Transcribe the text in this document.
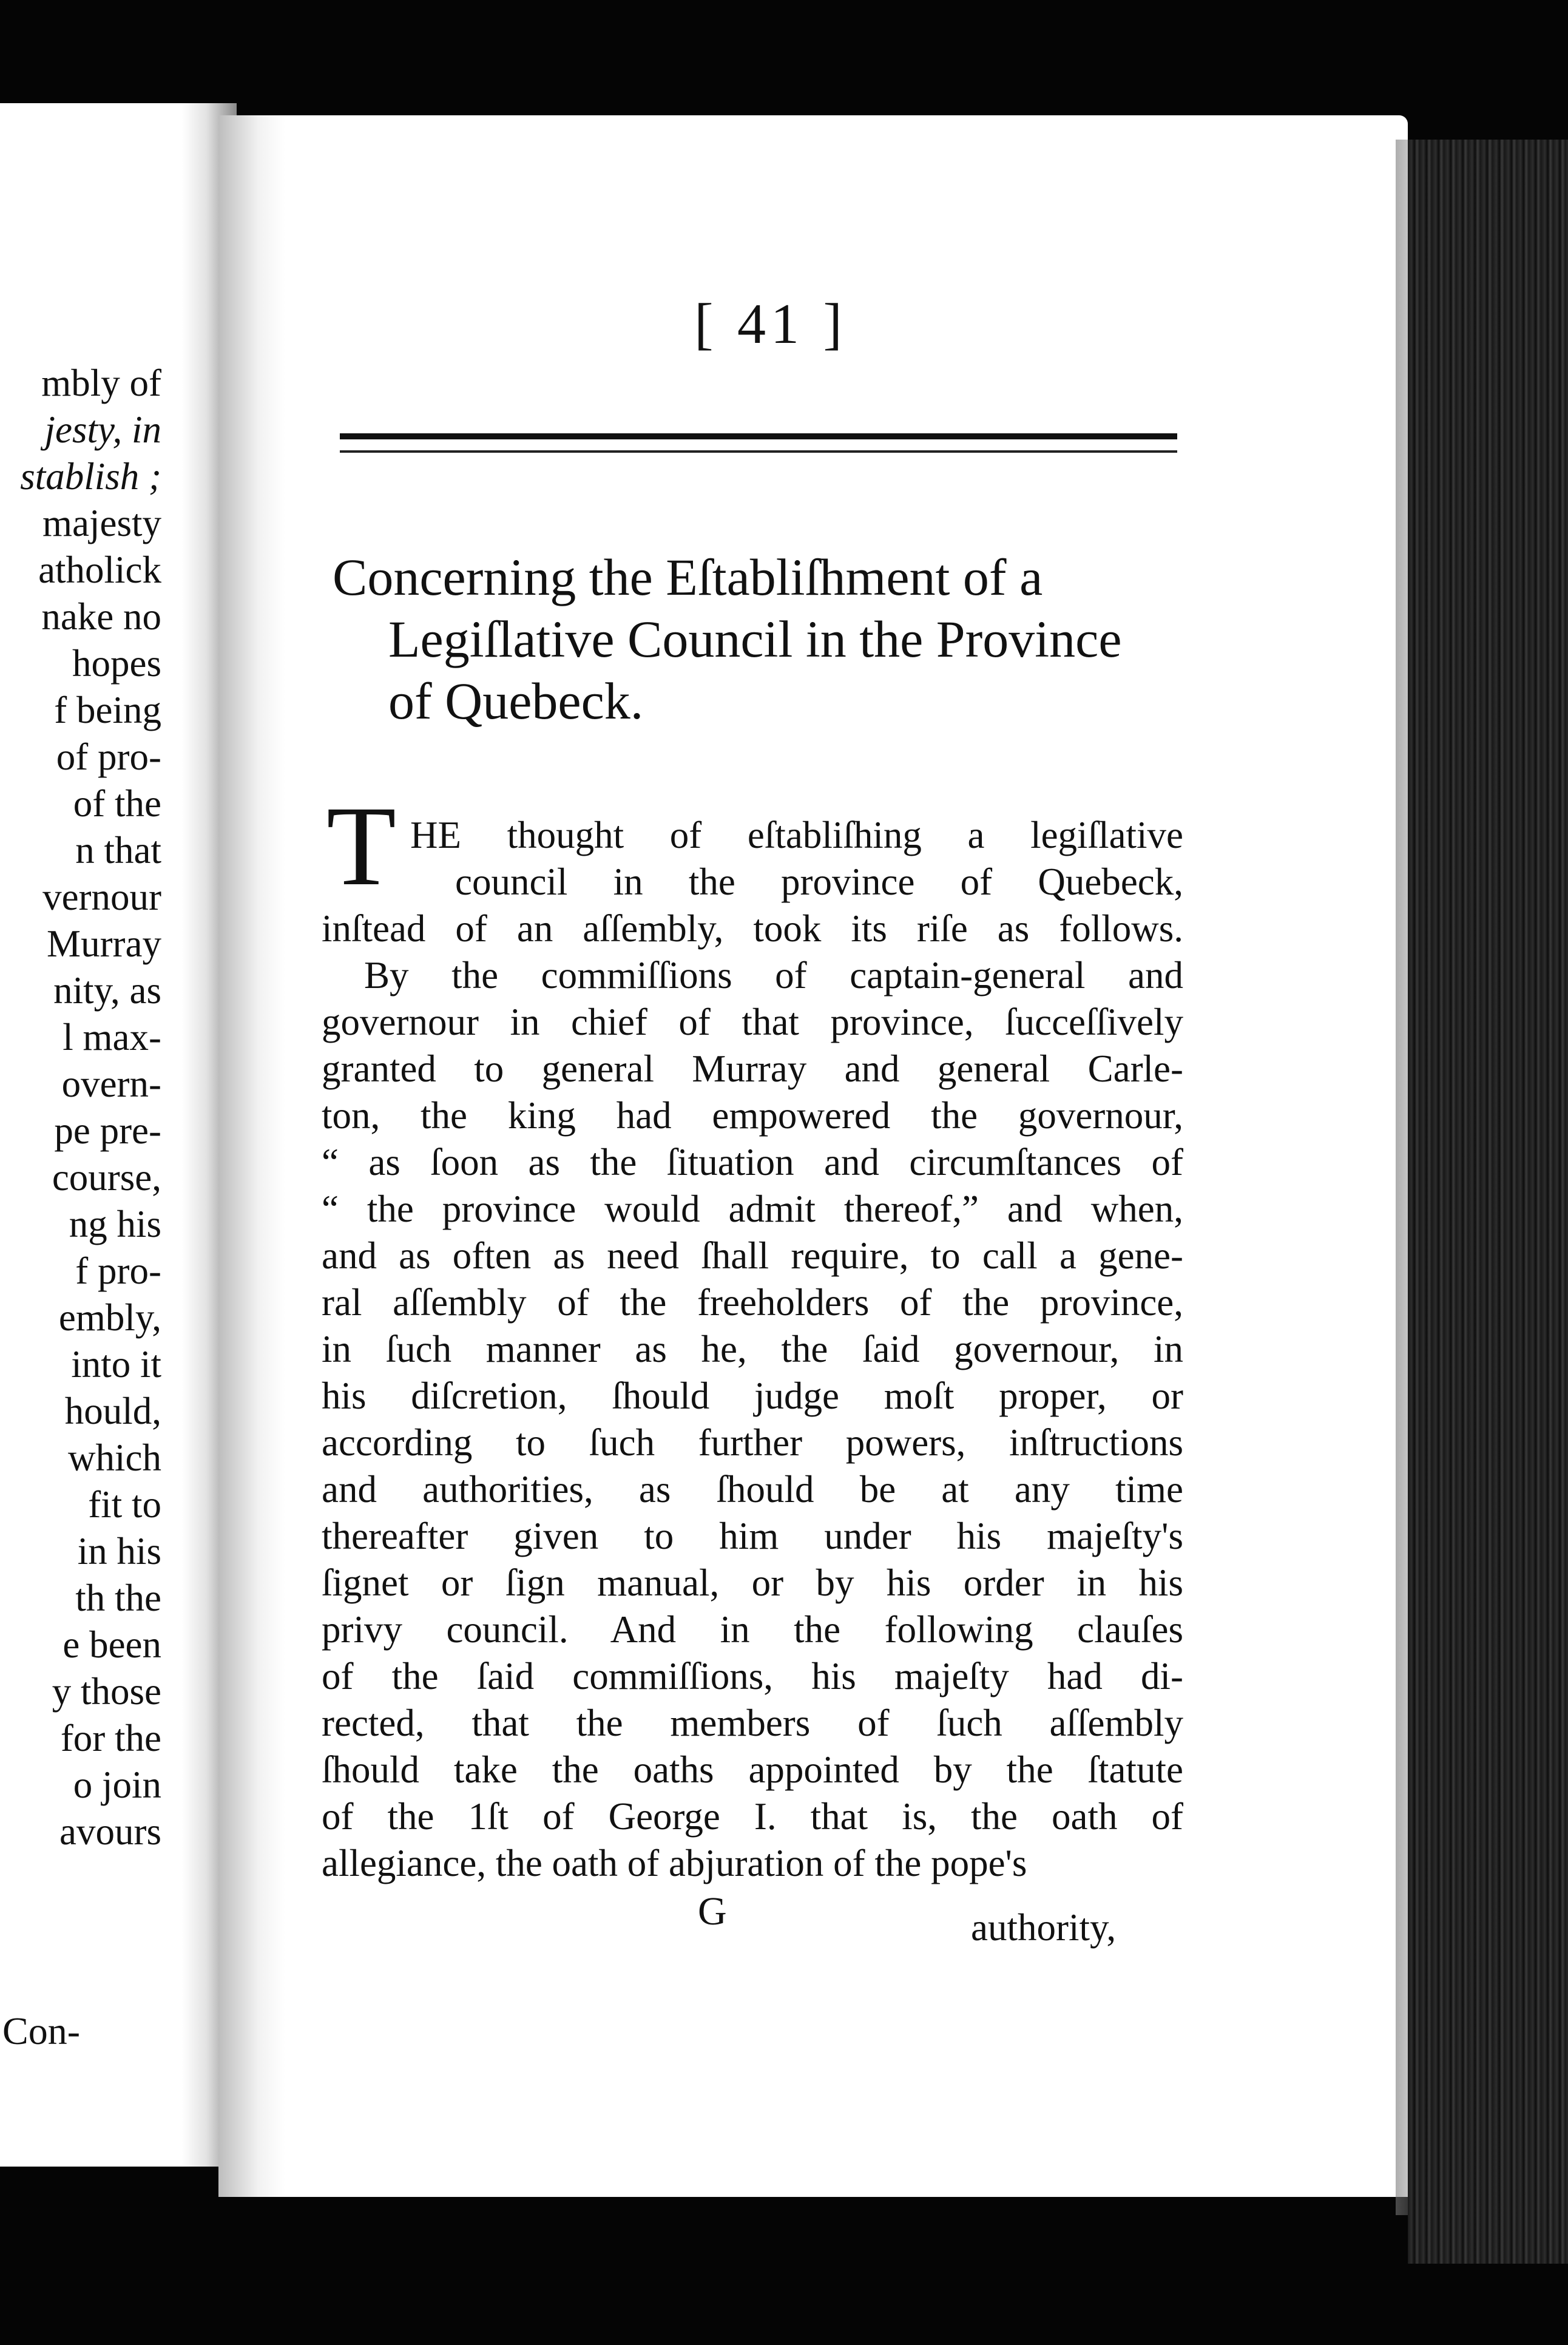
mbly of
jesty, in
stablish ;
majesty
atholick
nake no
hopes
f being
of pro-
of the
n that
vernour
Murray
nity, as
l max-
overn-
pe pre-
course,
ng his
f pro-
embly,
into it
hould,
which
fit to
in his
th the
e been
y those
for the
o join
avours
Con-
[ 41 ]
Concerning the Eſtabliſhment of a
Legiſlative Council in the Province
of Quebeck.
T HE thought of eſtabliſhing a legiſlative
council in the province of Quebeck,
inſtead of an aſſembly, took its riſe as follows.
By the commiſſions of captain-general and
governour in chief of that province, ſucceſſively
granted to general Murray and general Carle-
ton, the king had empowered the governour,
“ as ſoon as the ſituation and circumſtances of
“ the province would admit thereof,” and when,
and as often as need ſhall require, to call a gene-
ral aſſembly of the freeholders of the province,
in ſuch manner as he, the ſaid governour, in
his diſcretion, ſhould judge moſt proper, or
according to ſuch further powers, inſtructions
and authorities, as ſhould be at any time
thereafter given to him under his majeſty's
ſignet or ſign manual, or by his order in his
privy council. And in the following clauſes
of the ſaid commiſſions, his majeſty had di-
rected, that the members of ſuch aſſembly
ſhould take the oaths appointed by the ſtatute
of the 1ſt of George I. that is, the oath of
allegiance, the oath of abjuration of the pope's
G	authority,
